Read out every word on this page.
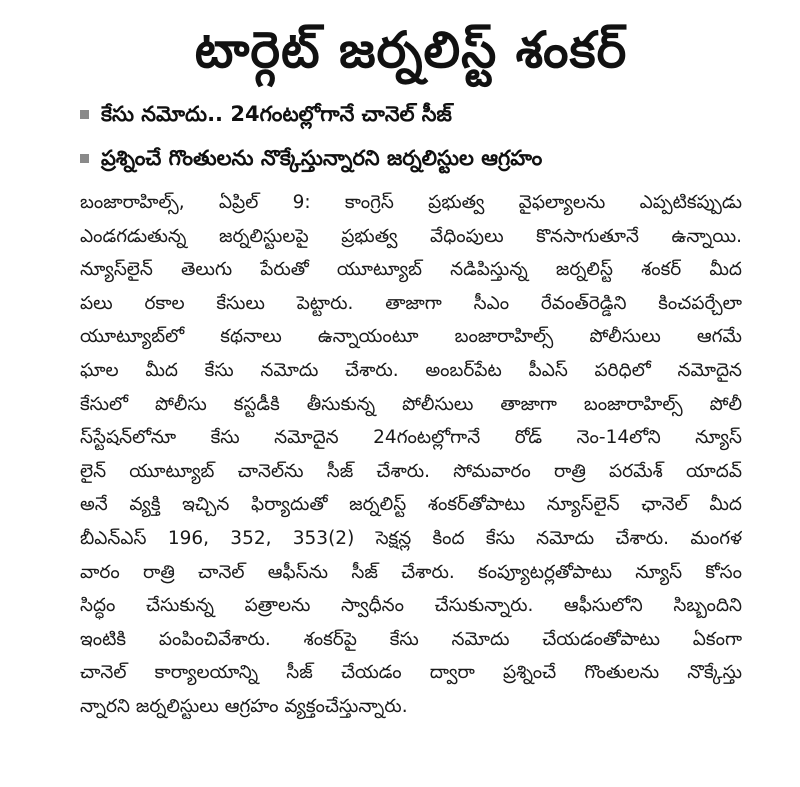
టార్గెట్ జర్నలిస్ట్ శంకర్
కేసు నమోదు.. 24గంటల్లోగానే చానెల్ సీజ్
ప్రశ్నించే గొంతులను నొక్కేస్తున్నారని జర్నలిస్టుల ఆగ్రహం
బంజారాహిల్స్, ఏప్రిల్ 9: కాంగ్రెస్ ప్రభుత్వ వైఫల్యాలను ఎప్పటికప్పుడు
ఎండగడుతున్న జర్నలిస్టులపై ప్రభుత్వ వేధింపులు కొనసాగుతూనే ఉన్నాయి.
న్యూస్‌లైన్ తెలుగు పేరుతో యూట్యూబ్ నడిపిస్తున్న జర్నలిస్ట్ శంకర్ మీద
పలు రకాల కేసులు పెట్టారు. తాజాగా సీఎం రేవంత్‌రెడ్డిని కించపర్చేలా
యూట్యూబ్‌లో కథనాలు ఉన్నాయంటూ బంజారాహిల్స్ పోలీసులు ఆగమే
ఘాల మీద కేసు నమోదు చేశారు. అంబర్‌పేట పీఎస్ పరిధిలో నమోదైన
కేసులో పోలీసు కస్టడీకి తీసుకున్న పోలీసులు తాజాగా బంజారాహిల్స్ పోలీ
స్‌స్టేషన్‌లోనూ కేసు నమోదైన 24గంటల్లోగానే రోడ్ నెం-14లోని న్యూస్
లైన్ యూట్యూబ్ చానెల్‌ను సీజ్ చేశారు. సోమవారం రాత్రి పరమేశ్ యాదవ్
అనే వ్యక్తి ఇచ్చిన ఫిర్యాదుతో జర్నలిస్ట్ శంకర్‌తోపాటు న్యూస్‌లైన్ ఛానెల్ మీద
బీఎన్ఎస్ 196, 352, 353(2) సెక్షన్ల కింద కేసు నమోదు చేశారు. మంగళ
వారం రాత్రి చానెల్ ఆఫీస్‌ను సీజ్ చేశారు. కంప్యూటర్లతోపాటు న్యూస్ కోసం
సిద్ధం చేసుకున్న పత్రాలను స్వాధీనం చేసుకున్నారు. ఆఫీసులోని సిబ్బందిని
ఇంటికి పంపించివేశారు. శంకర్‌పై కేసు నమోదు చేయడంతోపాటు ఏకంగా
చానెల్ కార్యాలయాన్ని సీజ్ చేయడం ద్వారా ప్రశ్నించే గొంతులను నొక్కేస్తు
న్నారని జర్నలిస్టులు ఆగ్రహం వ్యక్తంచేస్తున్నారు.
